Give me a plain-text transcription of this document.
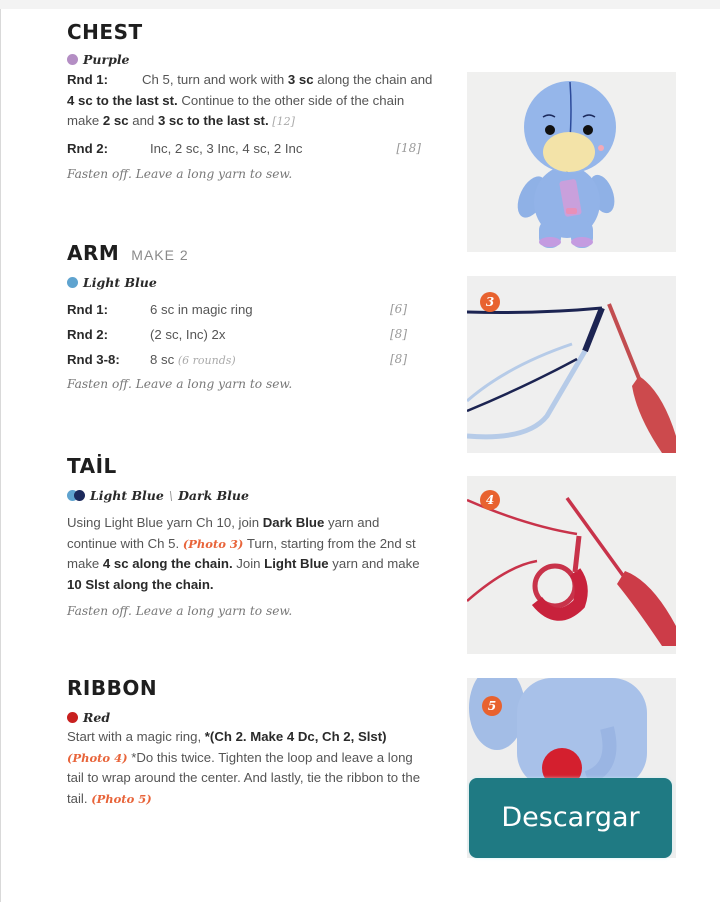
CHEST
Purple
Rnd 1:	Ch 5, turn and work with 3 sc along the chain and 4 sc to the last st. Continue to the other side of the chain make 2 sc and 3 sc to the last st. [12]
Rnd 2:	Inc, 2 sc, 3 Inc, 4 sc, 2 Inc	[18]
Fasten off. Leave a long yarn to sew.
ARM MAKE 2
Light Blue
Rnd 1:	6 sc in magic ring	[6]
Rnd 2:	(2 sc, Inc) 2x	[8]
Rnd 3-8: 8 sc (6 rounds)	[8]
Fasten off. Leave a long yarn to sew.
TAİL
Light Blue \ Dark Blue
Using Light Blue yarn Ch 10, join Dark Blue yarn and continue with Ch 5. (Photo 3) Turn, starting from the 2nd st make 4 sc along the chain. Join Light Blue yarn and make 10 Slst along the chain.
Fasten off. Leave a long yarn to sew.
RIBBON
Red
Start with a magic ring, *(Ch 2. Make 4 Dc, Ch 2, Slst) (Photo 4) *Do this twice. Tighten the loop and leave a long tail to wrap around the center. And lastly, tie the ribbon to the tail. (Photo 5)
3
4
5
Descargar
